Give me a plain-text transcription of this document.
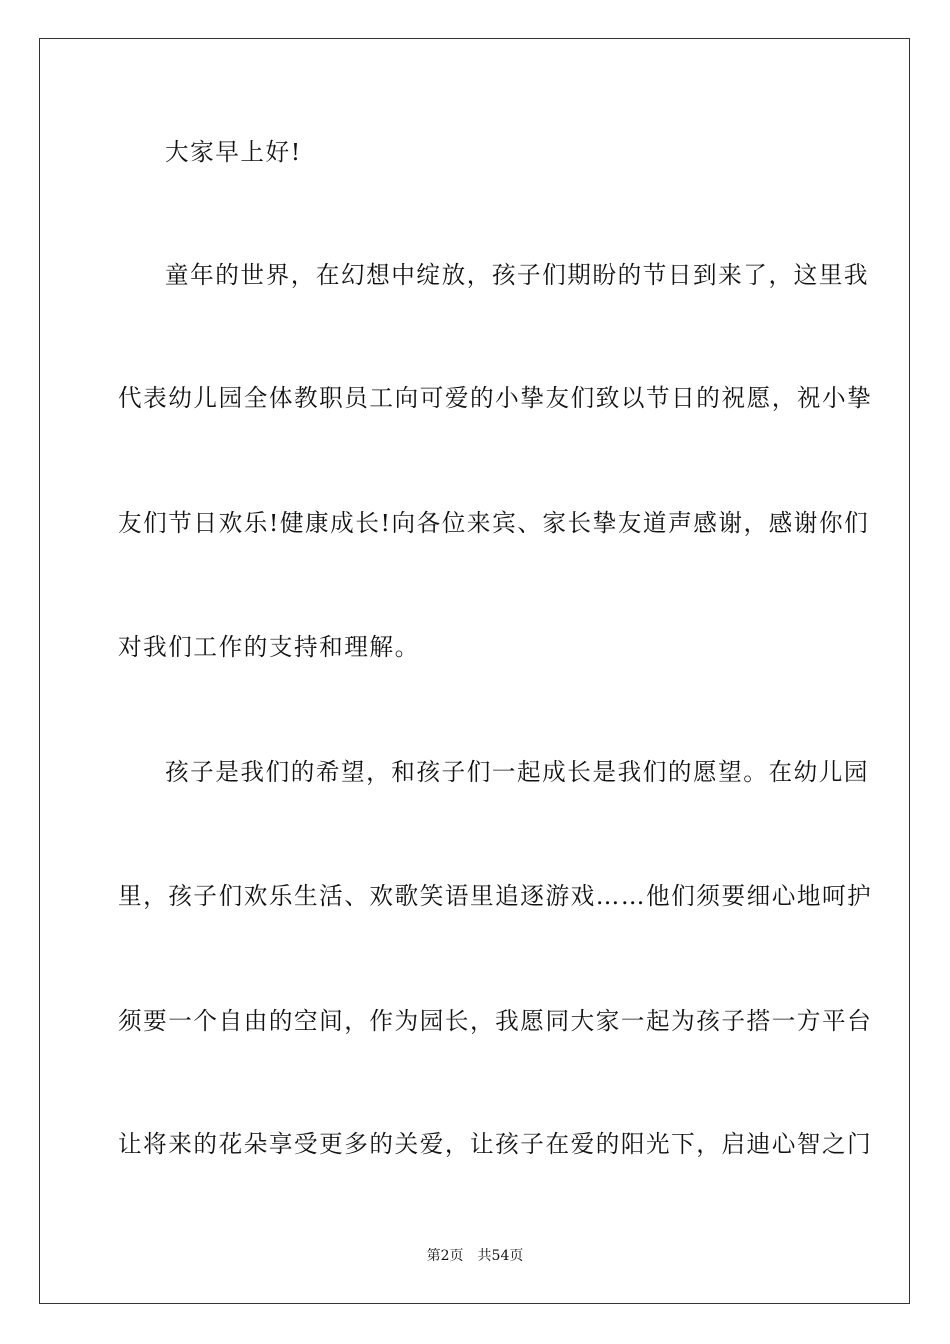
大家早上好!
童年的世界，在幻想中绽放，孩子们期盼的节日到来了，这里我
代表幼儿园全体教职员工向可爱的小挚友们致以节日的祝愿，祝小挚
友们节日欢乐!健康成长!向各位来宾、家长挚友道声感谢，感谢你们
对我们工作的支持和理解。
孩子是我们的希望，和孩子们一起成长是我们的愿望。在幼儿园
里，孩子们欢乐生活、欢歌笑语里追逐游戏……他们须要细心地呵护
须要一个自由的空间，作为园长，我愿同大家一起为孩子搭一方平台
让将来的花朵享受更多的关爱，让孩子在爱的阳光下，启迪心智之门
第2页 共54页
